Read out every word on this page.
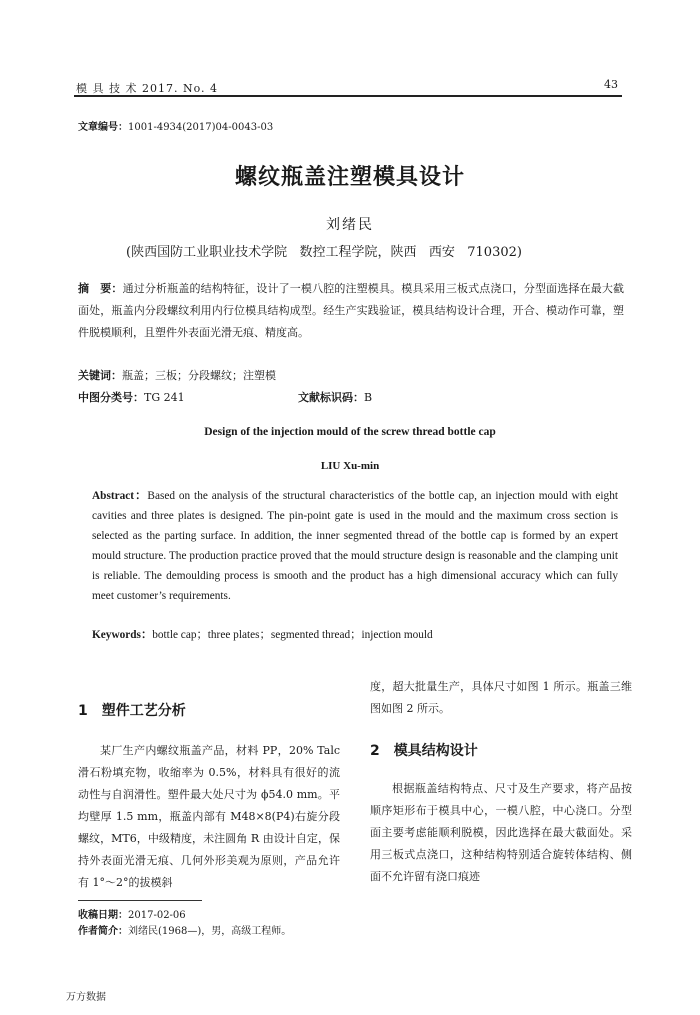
模 具 技 术 2017. No. 4	43
文章编号：1001-4934(2017)04-0043-03
螺纹瓶盖注塑模具设计
刘绪民
(陕西国防工业职业技术学院   数控工程学院，陕西   西安   710302)
摘　要：通过分析瓶盖的结构特征，设计了一模八腔的注塑模具。模具采用三板式点浇口，分型面选择在最大截面处，瓶盖内分段螺纹利用内行位模具结构成型。经生产实践验证，模具结构设计合理，开合、模动作可靠，塑件脱模顺利，且塑件外表面光滑无痕、精度高。
关键词：瓶盖；三板；分段螺纹；注塑模
中图分类号：TG 241	文献标识码：B
Design of the injection mould of the screw thread bottle cap
LIU Xu-min
Abstract：Based on the analysis of the structural characteristics of the bottle cap, an injection mould with eight cavities and three plates is designed. The pin-point gate is used in the mould and the maximum cross section is selected as the parting surface. In addition, the inner segmented thread of the bottle cap is formed by an expert mould structure. The production practice proved that the mould structure design is reasonable and the clamping unit is reliable. The demoulding process is smooth and the product has a high dimensional accuracy which can fully meet customer’s requirements.
Keywords：bottle cap；three plates；segmented thread；injection mould
1 塑件工艺分析
某厂生产内螺纹瓶盖产品，材料 PP，20% Talc 滑石粉填充物，收缩率为 0.5%，材料具有很好的流动性与自润滑性。塑件最大处尺寸为 ϕ54.0 mm。平均壁厚 1.5 mm，瓶盖内部有 M48×8(P4)右旋分段螺纹，MT6，中级精度，未注圆角 R 由设计自定，保持外表面光滑无痕、几何外形美观为原则，产品允许有 1°～2°的拔模斜
度，超大批量生产，具体尺寸如图 1 所示。瓶盖三维图如图 2 所示。
2 模具结构设计
根据瓶盖结构特点、尺寸及生产要求，将产品按顺序矩形布于模具中心，一模八腔，中心浇口。分型面主要考虑能顺利脱模，因此选择在最大截面处。采用三板式点浇口，这种结构特别适合旋转体结构、侧面不允许留有浇口痕迹
收稿日期：2017-02-06
作者简介：刘绪民(1968—)，男，高级工程师。
万方数据
